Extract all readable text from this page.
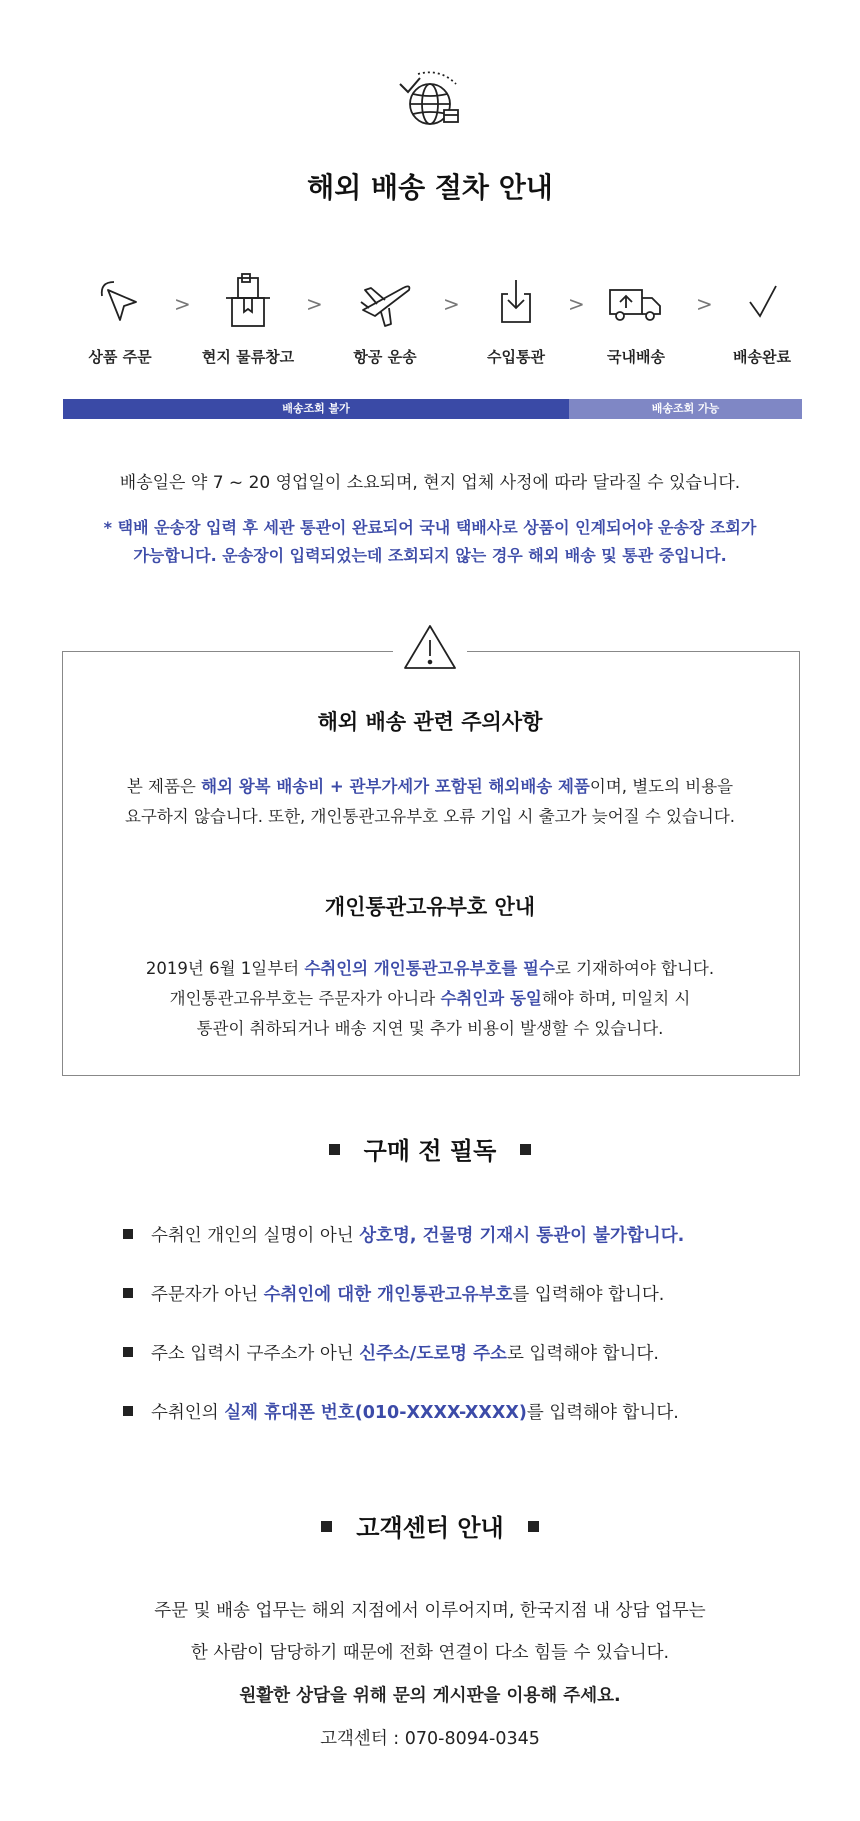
해외 배송 절차 안내
상품 주문
>
현지 물류창고
>
항공 운송
>
수입통관
>
국내배송
>
배송완료
배송조회 불가	배송조회 가능
배송일은 약 7 ~ 20 영업일이 소요되며, 현지 업체 사정에 따라 달라질 수 있습니다.
* 택배 운송장 입력 후 세관 통관이 완료되어 국내 택배사로 상품이 인계되어야 운송장 조회가
가능합니다. 운송장이 입력되었는데 조회되지 않는 경우 해외 배송 및 통관 중입니다.
해외 배송 관련 주의사항
본 제품은 해외 왕복 배송비 + 관부가세가 포함된 해외배송 제품이며, 별도의 비용을
요구하지 않습니다. 또한, 개인통관고유부호 오류 기입 시 출고가 늦어질 수 있습니다.
개인통관고유부호 안내
2019년 6월 1일부터 수취인의 개인통관고유부호를 필수로 기재하여야 합니다.
개인통관고유부호는 주문자가 아니라 수취인과 동일해야 하며, 미일치 시
통관이 취하되거나 배송 지연 및 추가 비용이 발생할 수 있습니다.
구매 전 필독
수취인 개인의 실명이 아닌 상호명, 건물명 기재시 통관이 불가합니다.
주문자가 아닌 수취인에 대한 개인통관고유부호를 입력해야 합니다.
주소 입력시 구주소가 아닌 신주소/도로명 주소로 입력해야 합니다.
수취인의 실제 휴대폰 번호(010-XXXX-XXXX)를 입력해야 합니다.
고객센터 안내
주문 및 배송 업무는 해외 지점에서 이루어지며, 한국지점 내 상담 업무는
한 사람이 담당하기 때문에 전화 연결이 다소 힘들 수 있습니다.
원활한 상담을 위해 문의 게시판을 이용해 주세요.
고객센터 : 070-8094-0345
